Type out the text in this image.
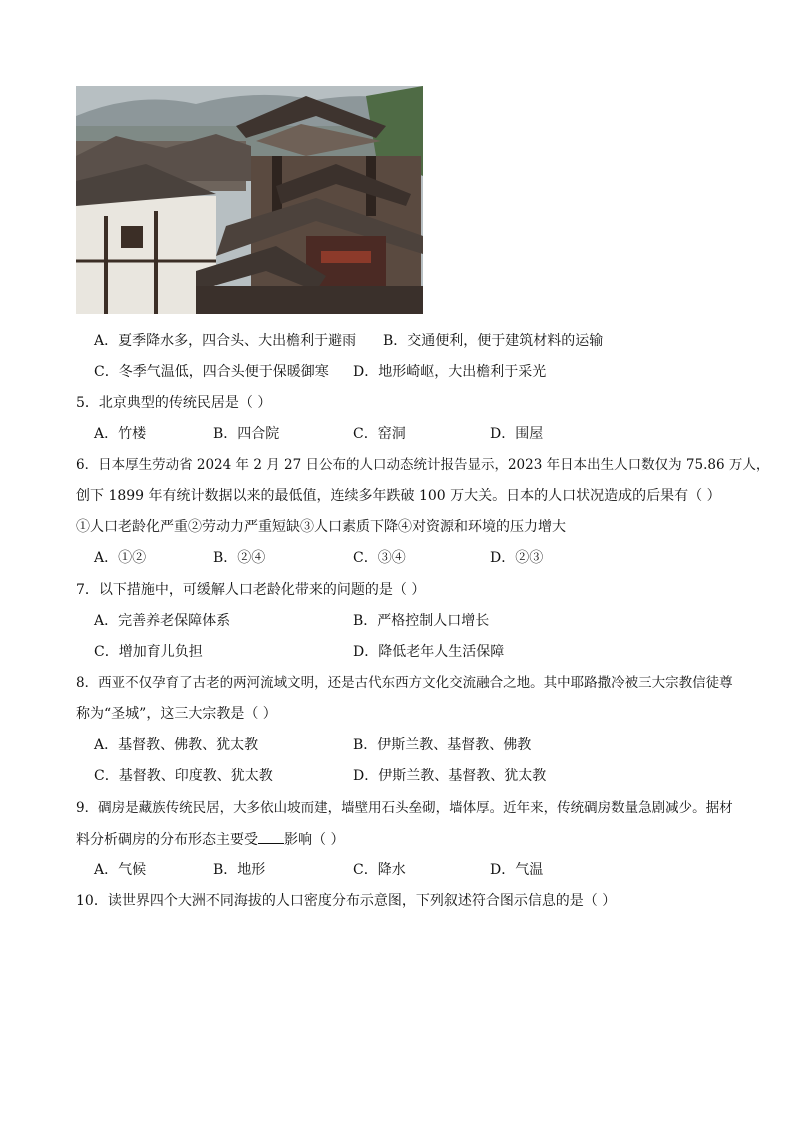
A．夏季降水多，四合头、大出檐利于避雨 B．交通便利，便于建筑材料的运输
C．冬季气温低，四合头便于保暖御寒 D．地形崎岖，大出檐利于采光
5．北京典型的传统民居是（ ）
A．竹楼	B．四合院	C．窑洞	D．围屋
6．日本厚生劳动省 2024 年 2 月 27 日公布的人口动态统计报告显示，2023 年日本出生人口数仅为 75.86 万人，
创下 1899 年有统计数据以来的最低值，连续多年跌破 100 万大关。日本的人口状况造成的后果有（ ）
①人口老龄化严重②劳动力严重短缺③人口素质下降④对资源和环境的压力增大
A．①②	B．②④	C．③④	D．②③
7．以下措施中，可缓解人口老龄化带来的问题的是（ ）
A．完善养老保障体系	B．严格控制人口增长
C．增加育儿负担	D．降低老年人生活保障
8．西亚不仅孕育了古老的两河流域文明，还是古代东西方文化交流融合之地。其中耶路撒冷被三大宗教信徒尊
称为“圣城”，这三大宗教是（ ）
A．基督教、佛教、犹太教	B．伊斯兰教、基督教、佛教
C．基督教、印度教、犹太教	D．伊斯兰教、基督教、犹太教
9．碉房是藏族传统民居，大多依山坡而建，墙壁用石头垒砌，墙体厚。近年来，传统碉房数量急剧减少。据材
料分析碉房的分布形态主要受 影响（ ）
A．气候	B．地形	C．降水	D．气温
10．读世界四个大洲不同海拔的人口密度分布示意图，下列叙述符合图示信息的是（ ）
